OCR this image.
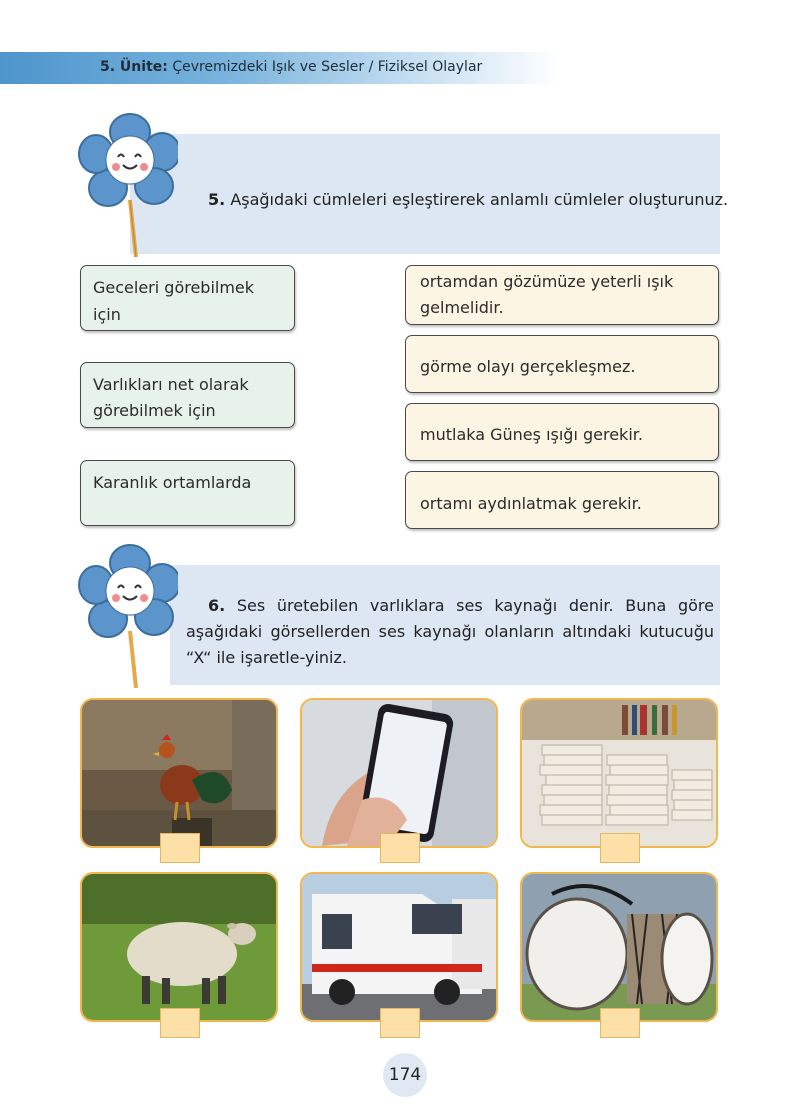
5. Ünite: Çevremizdeki Işık ve Sesler / Fiziksel Olaylar
5. Aşağıdaki cümleleri eşleştirerek anlamlı cümleler oluşturunuz.
Geceleri görebilmek için
Varlıkları net olarak görebilmek için
Karanlık ortamlarda
ortamdan gözümüze yeterli ışık gelmelidir.
görme olayı gerçekleşmez.
mutlaka Güneş ışığı gerekir.
ortamı aydınlatmak gerekir.
6. Ses üretebilen varlıklara ses kaynağı denir. Buna göre aşağıdaki görsellerden ses kaynağı olanların altındaki kutucuğu “X“ ile işaretle-yiniz.
174
